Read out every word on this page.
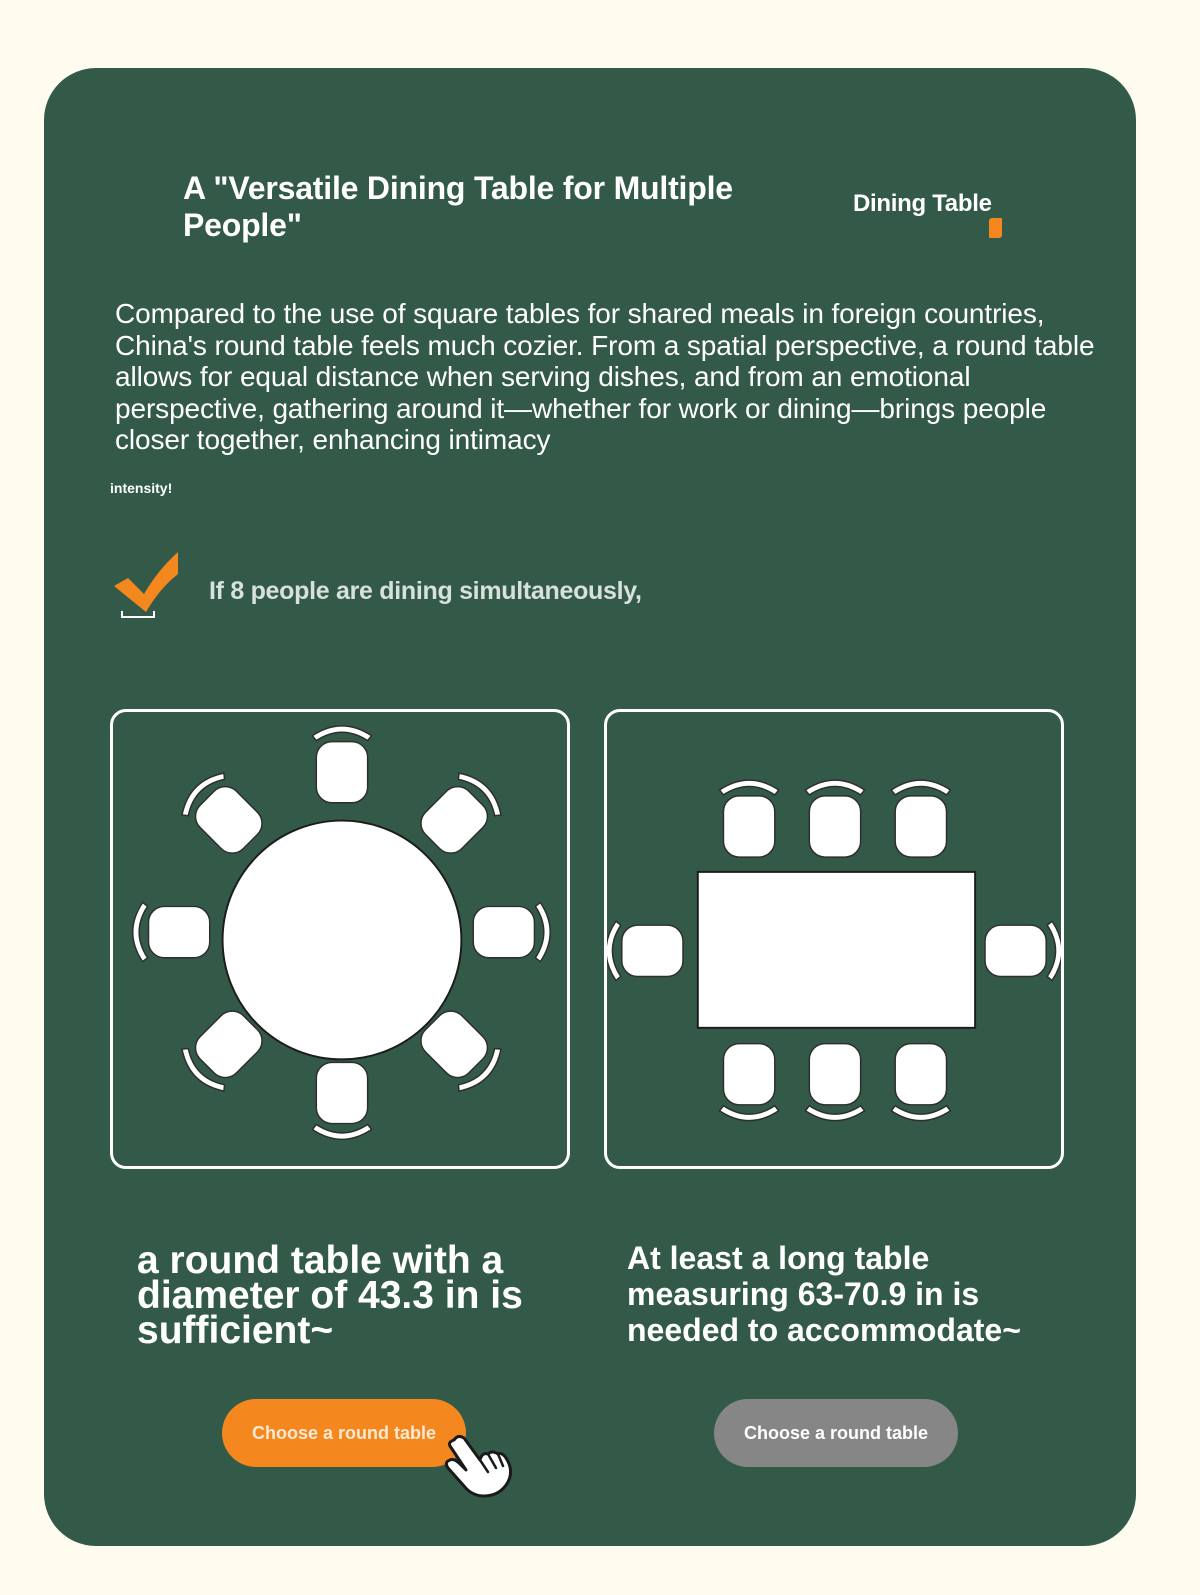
A "Versatile Dining Table for Multiple People"
Dining Table

Compared to the use of square tables for shared meals in foreign countries, China's round table feels much cozier. From a spatial perspective, a round table allows for equal distance when serving dishes, and from an emotional perspective, gathering around it—whether for work or dining—brings people closer together, enhancing intimacy

intensity!
If 8 people are dining simultaneously,

a round table with a diameter of 43.3 in is sufficient~

At least a long table measuring 63-70.9 in is needed to accommodate~

Choose a round table	Choose a round table
